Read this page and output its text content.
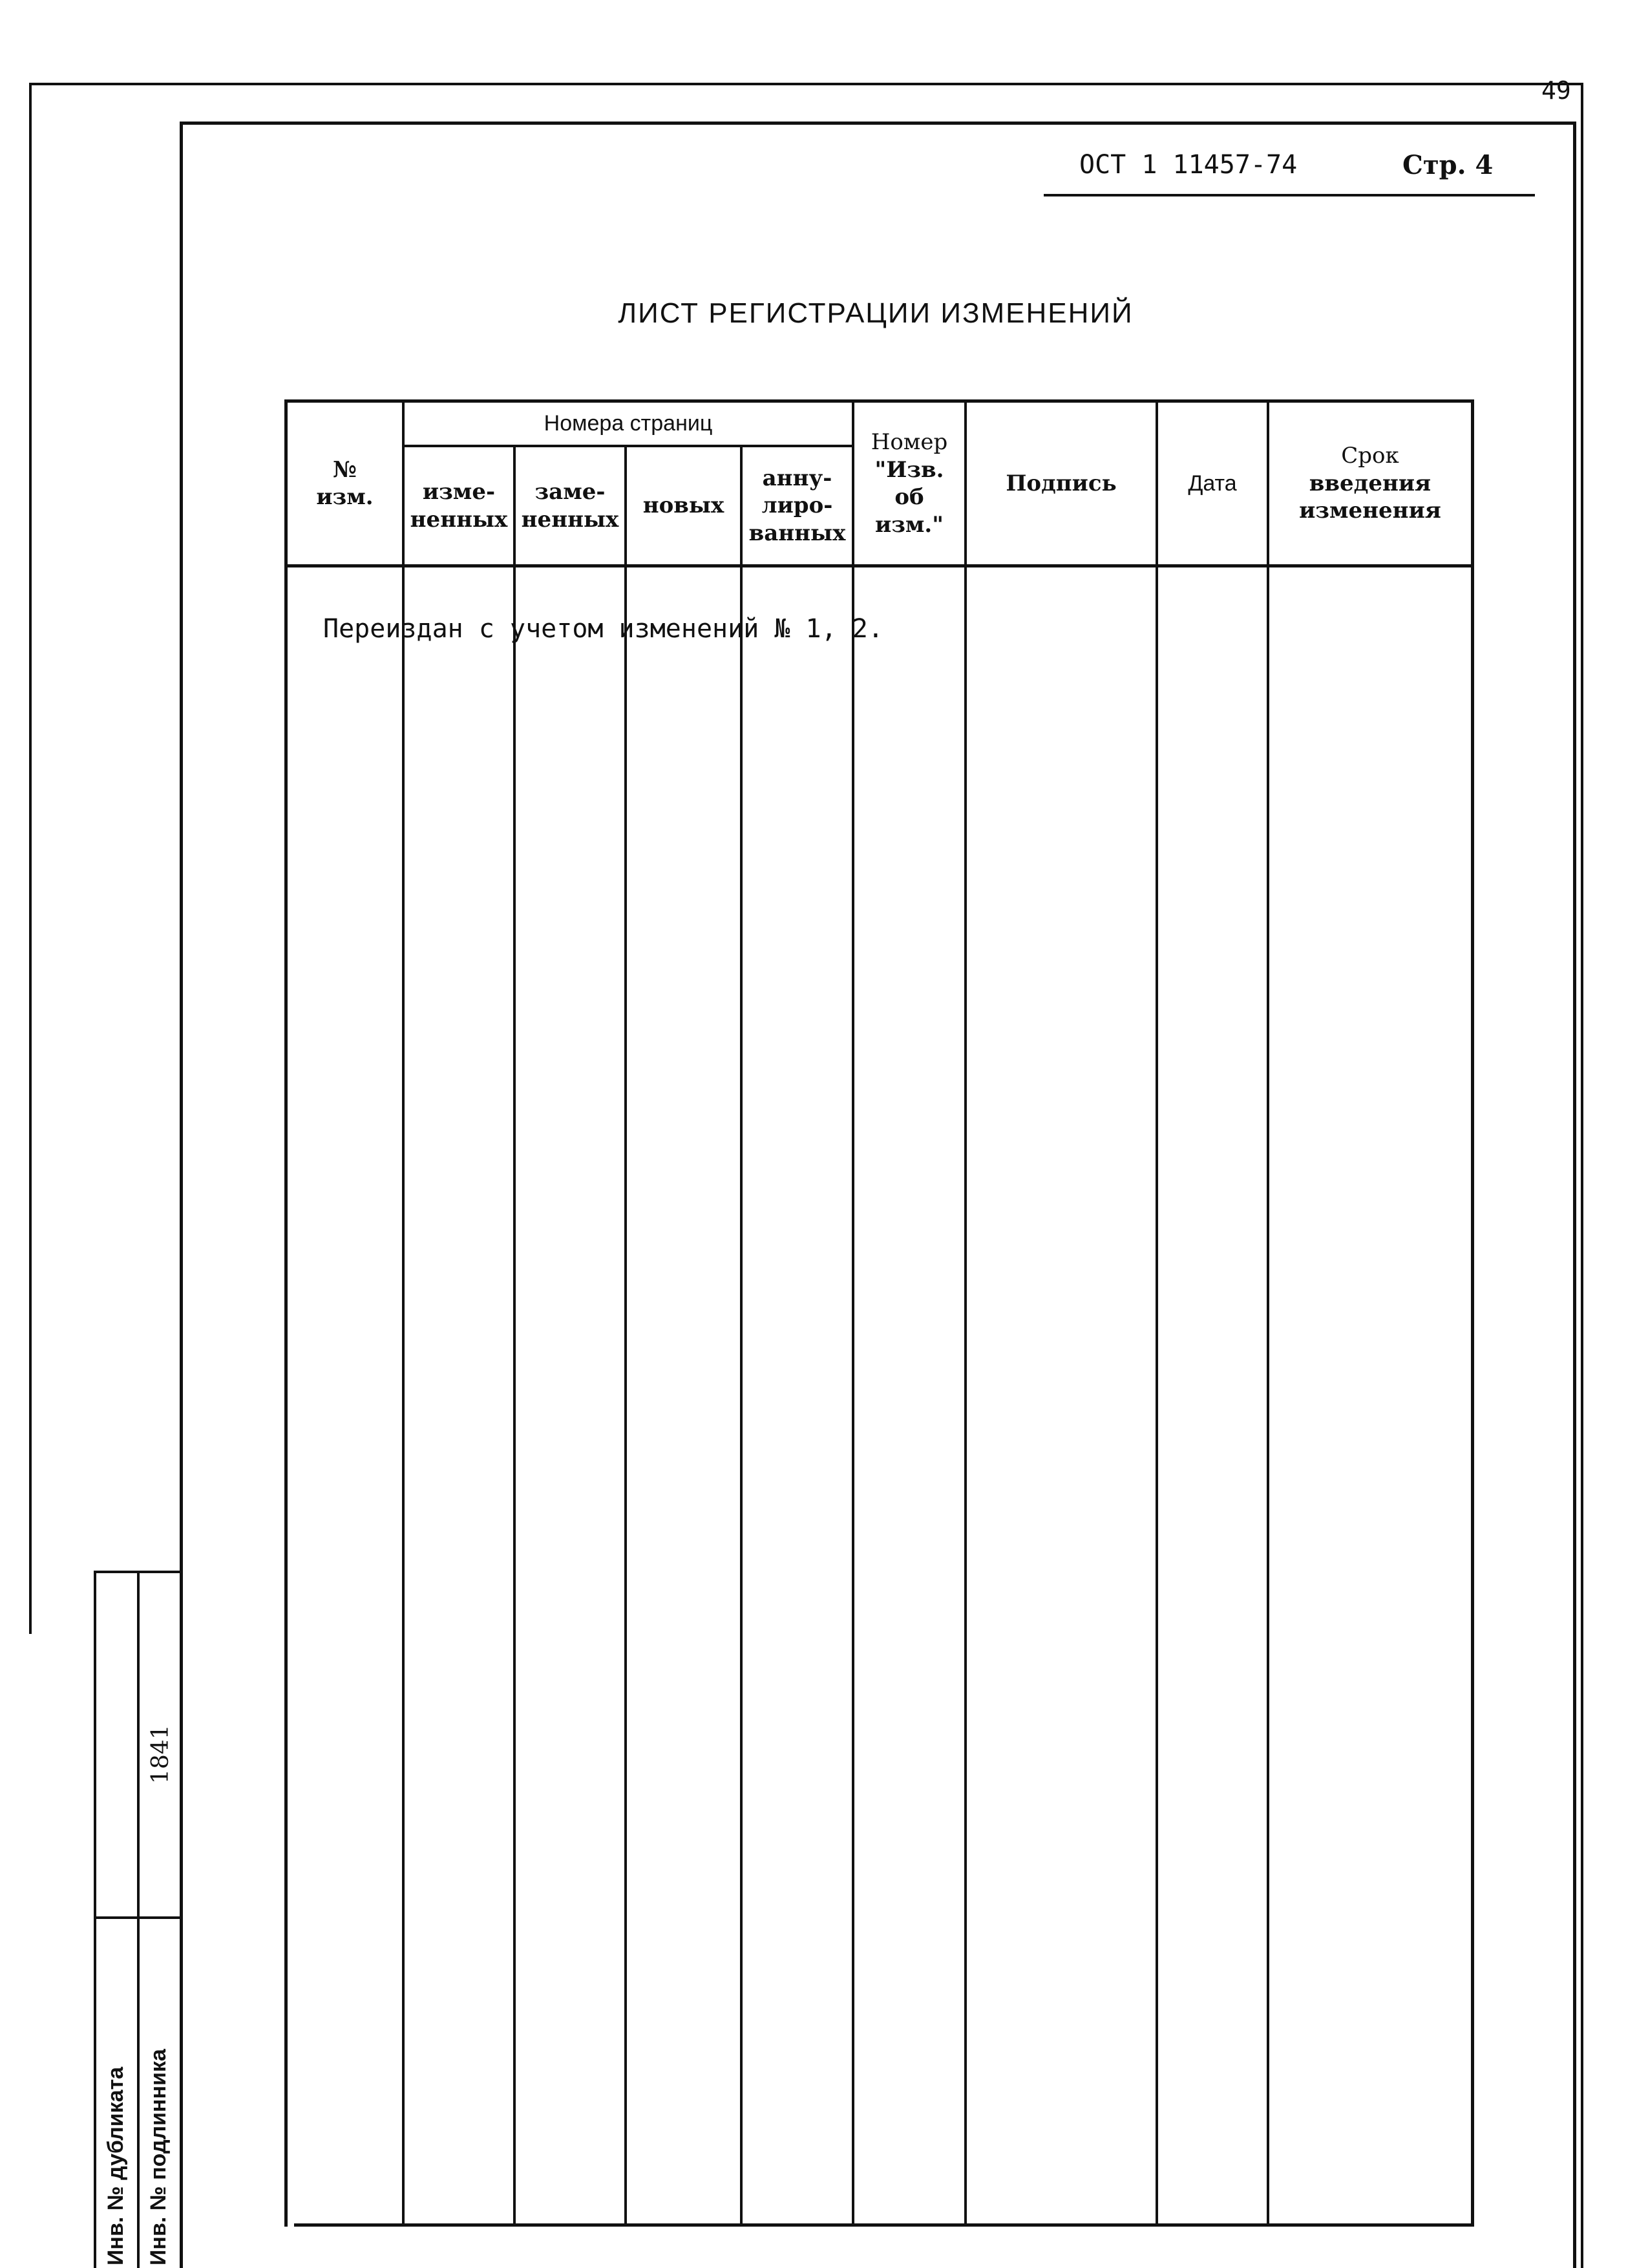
49
ОСТ 1 11457-74	Стр. 4
ЛИСТ РЕГИСТРАЦИИ ИЗМЕНЕНИЙ
№
изм.
Номера страниц
изме-
ненных
заме-
ненных
новых
анну-
лиро-
ванных
Номер
"Изв.
об
изм."
Подпись	Дата
Срок
введения
изменения
Переиздан с учетом изменений № 1, 2.
1841
Инв. № дубликата Инв. № подлинника
